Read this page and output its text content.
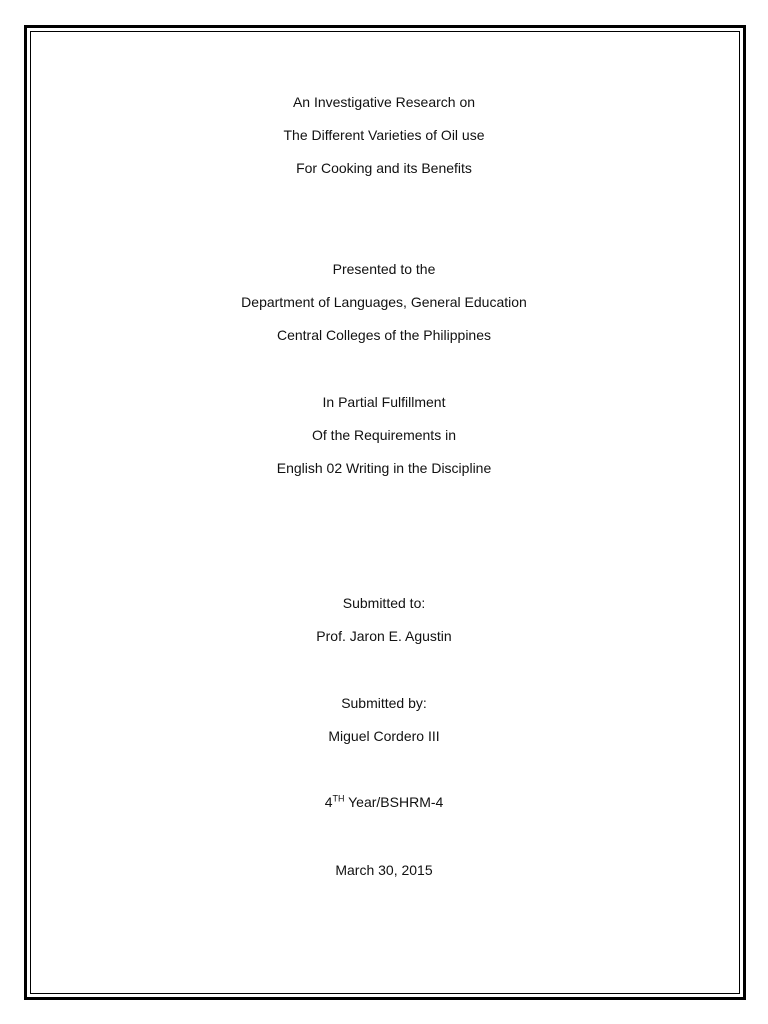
An Investigative Research on
The Different Varieties of Oil use
For Cooking and its Benefits
Presented to the
Department of Languages, General Education
Central Colleges of the Philippines
In Partial Fulfillment
Of the Requirements in
English 02 Writing in the Discipline
Submitted to:
Prof. Jaron E. Agustin
Submitted by:
Miguel Cordero III
4TH Year/BSHRM-4
March 30, 2015
